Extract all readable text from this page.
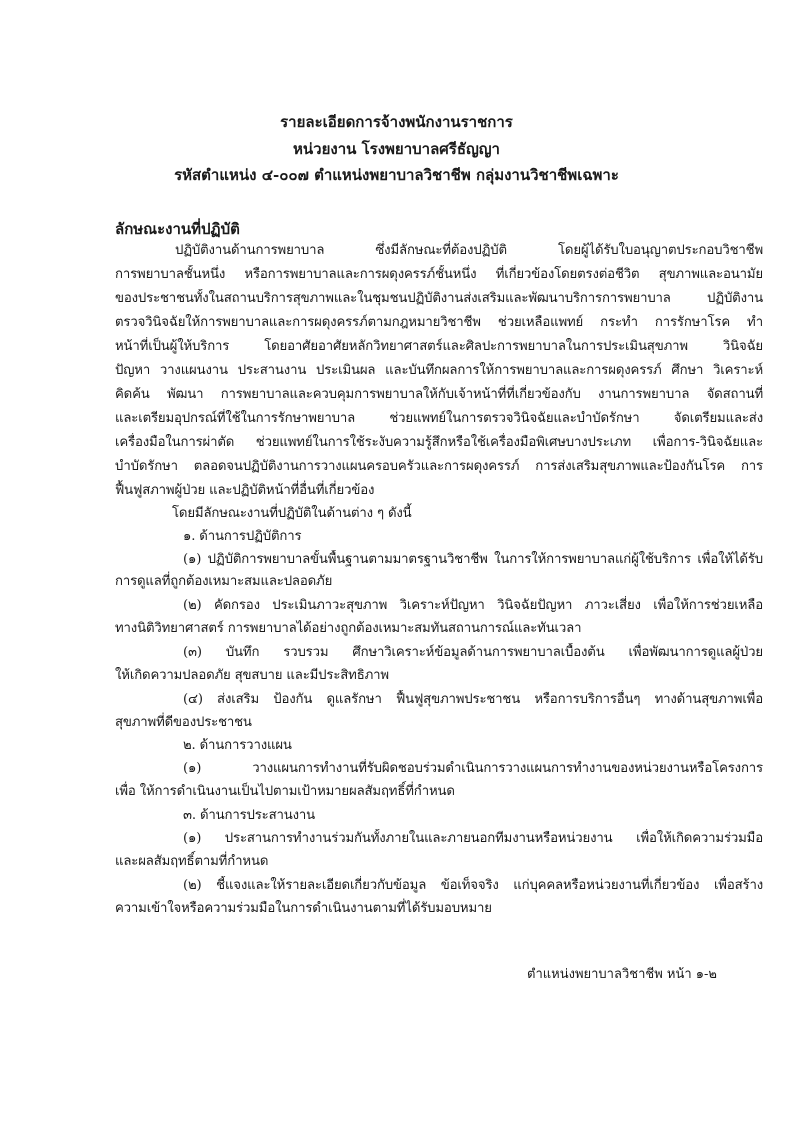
รายละเอียดการจ้างพนักงานราชการ
หน่วยงาน โรงพยาบาลศรีธัญญา
รหัสตำแหน่ง ๔-๐๐๗ ตำแหน่งพยาบาลวิชาชีพ กลุ่มงานวิชาชีพเฉพาะ
ลักษณะงานที่ปฏิบัติ
ปฏิบัติงานด้านการพยาบาล ซึ่งมีลักษณะที่ต้องปฏิบัติ โดยผู้ได้รับใบอนุญาตประกอบวิชาชีพ
การพยาบาลชั้นหนึ่ง หรือการพยาบาลและการผดุงครรภ์ชั้นหนึ่ง ที่เกี่ยวข้องโดยตรงต่อชีวิต สุขภาพและอนามัย
ของประชาชนทั้งในสถานบริการสุขภาพและในชุมชนปฏิบัติงานส่งเสริมและพัฒนาบริการการพยาบาล ปฏิบัติงาน
ตรวจวินิจฉัยให้การพยาบาลและการผดุงครรภ์ตามกฎหมายวิชาชีพ ช่วยเหลือแพทย์ กระทำ การรักษาโรค ทำ
หน้าที่เป็นผู้ให้บริการ โดยอาศัยอาศัยหลักวิทยาศาสตร์และศิลปะการพยาบาลในการประเมินสุขภาพ วินิจฉัย
ปัญหา วางแผนงาน ประสานงาน ประเมินผล และบันทึกผลการให้การพยาบาลและการผดุงครรภ์ ศึกษา วิเคราะห์
คิดค้น พัฒนา การพยาบาลและควบคุมการพยาบาลให้กับเจ้าหน้าที่ที่เกี่ยวข้องกับ งานการพยาบาล จัดสถานที่
และเตรียมอุปกรณ์ที่ใช้ในการรักษาพยาบาล ช่วยแพทย์ในการตรวจวินิจฉัยและบำบัดรักษา จัดเตรียมและส่ง
เครื่องมือในการผ่าตัด ช่วยแพทย์ในการใช้ระงับความรู้สึกหรือใช้เครื่องมือพิเศษบางประเภท เพื่อการ-วินิจฉัยและ
บำบัดรักษา ตลอดจนปฏิบัติงานการวางแผนครอบครัวและการผดุงครรภ์ การส่งเสริมสุขภาพและป้องกันโรค การ
ฟื้นฟูสภาพผู้ป่วย และปฏิบัติหน้าที่อื่นที่เกี่ยวข้อง
โดยมีลักษณะงานที่ปฏิบัติในด้านต่าง ๆ ดังนี้
๑. ด้านการปฏิบัติการ
(๑) ปฏิบัติการพยาบาลขั้นพื้นฐานตามมาตรฐานวิชาชีพ ในการให้การพยาบาลแก่ผู้ใช้บริการ เพื่อให้ได้รับ
การดูแลที่ถูกต้องเหมาะสมและปลอดภัย
(๒) คัดกรอง ประเมินภาวะสุขภาพ วิเคราะห์ปัญหา วินิจฉัยปัญหา ภาวะเสี่ยง เพื่อให้การช่วยเหลือ
ทางนิติวิทยาศาสตร์ การพยาบาลได้อย่างถูกต้องเหมาะสมทันสถานการณ์และทันเวลา
(๓) บันทึก รวบรวม ศึกษาวิเคราะห์ข้อมูลด้านการพยาบาลเบื้องต้น เพื่อพัฒนาการดูแลผู้ป่วย
ให้เกิดความปลอดภัย สุขสบาย และมีประสิทธิภาพ
(๔) ส่งเสริม ป้องกัน ดูแลรักษา ฟื้นฟูสุขภาพประชาชน หรือการบริการอื่นๆ ทางด้านสุขภาพเพื่อ
สุขภาพที่ดีของประชาชน
๒. ด้านการวางแผน
(๑) วางแผนการทำงานที่รับผิดชอบร่วมดำเนินการวางแผนการทำงานของหน่วยงานหรือโครงการ
เพื่อ ให้การดำเนินงานเป็นไปตามเป้าหมายผลสัมฤทธิ์ที่กำหนด
๓. ด้านการประสานงาน
(๑) ประสานการทำงานร่วมกันทั้งภายในและภายนอกทีมงานหรือหน่วยงาน เพื่อให้เกิดความร่วมมือ
และผลสัมฤทธิ์ตามที่กำหนด
(๒) ชี้แจงและให้รายละเอียดเกี่ยวกับข้อมูล ข้อเท็จจริง แก่บุคคลหรือหน่วยงานที่เกี่ยวข้อง เพื่อสร้าง
ความเข้าใจหรือความร่วมมือในการดำเนินงานตามที่ได้รับมอบหมาย
ตำแหน่งพยาบาลวิชาชีพ หน้า ๑-๒
